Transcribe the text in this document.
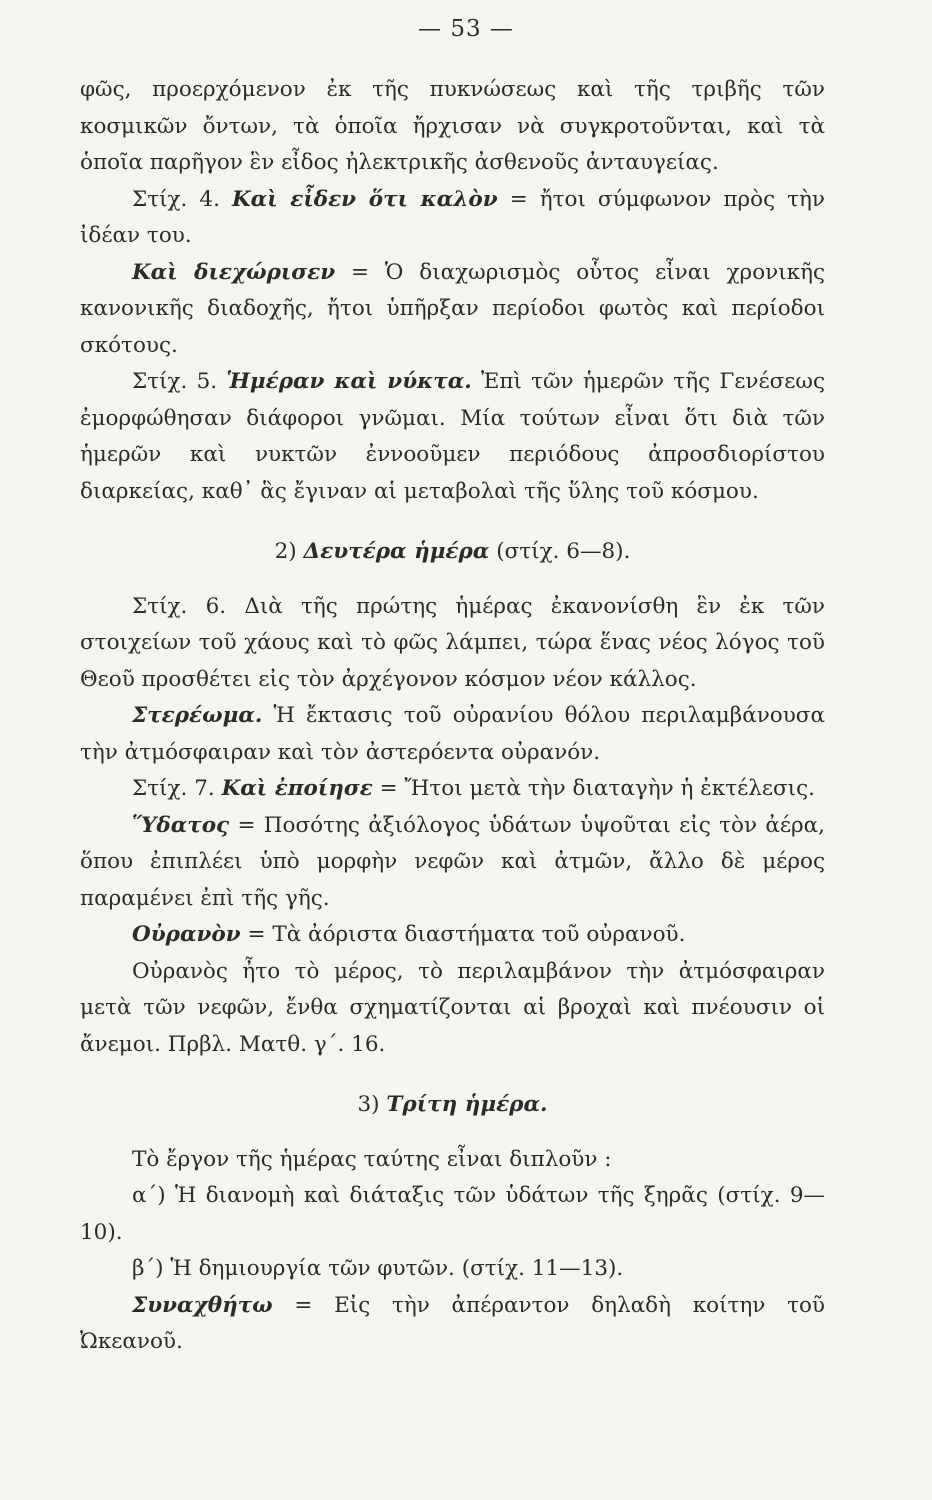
— 53 —

φῶς, προερχόμενον ἐκ τῆς πυκνώσεως καὶ τῆς τριβῆς τῶν κοσμικῶν ὄντων, τὰ ὁποῖα ἤρχισαν νὰ συγκροτοῦνται, καὶ τὰ ὁποῖα παρῆγον ἓν εἶδος ἠλεκτρικῆς ἀσθενοῦς ἀνταυγείας.

Στίχ. 4. Καὶ εἶδεν ὅτι καλὸν = ἤτοι σύμφωνον πρὸς τὴν ἰδέαν του.

Καὶ διεχώρισεν = Ὁ διαχωρισμὸς οὗτος εἶναι χρονικῆς κανονικῆς διαδοχῆς, ἤτοι ὑπῆρξαν περίοδοι φωτὸς καὶ περίοδοι σκότους.

Στίχ. 5. Ἡμέραν καὶ νύκτα. Ἐπὶ τῶν ἡμερῶν τῆς Γενέσεως ἐμορφώθησαν διάφοροι γνῶμαι. Μία τούτων εἶναι ὅτι διὰ τῶν ἡμερῶν καὶ νυκτῶν ἐννοοῦμεν περιόδους ἀπροσδιορίστου διαρκείας, καθ᾽ ἃς ἔγιναν αἱ μεταβολαὶ τῆς ὕλης τοῦ κόσμου.

2) Δευτέρα ἡμέρα (στίχ. 6—8).

Στίχ. 6. Διὰ τῆς πρώτης ἡμέρας ἐκανονίσθη ἓν ἐκ τῶν στοιχείων τοῦ χάους καὶ τὸ φῶς λάμπει, τώρα ἕνας νέος λόγος τοῦ Θεοῦ προσθέτει εἰς τὸν ἀρχέγονον κόσμον νέον κάλλος.

Στερέωμα. Ἡ ἔκτασις τοῦ οὐρανίου θόλου περιλαμβάνουσα τὴν ἀτμόσφαιραν καὶ τὸν ἀστερόεντα οὐρανόν.

Στίχ. 7. Καὶ ἐποίησε = Ἤτοι μετὰ τὴν διαταγὴν ἡ ἐκτέλεσις.

Ὕδατος = Ποσότης ἀξιόλογος ὑδάτων ὑψοῦται εἰς τὸν ἀέρα, ὅπου ἐπιπλέει ὑπὸ μορφὴν νεφῶν καὶ ἀτμῶν, ἄλλο δὲ μέρος παραμένει ἐπὶ τῆς γῆς.

Οὐρανὸν = Τὰ ἀόριστα διαστήματα τοῦ οὐρανοῦ.

Οὐρανὸς ἦτο τὸ μέρος, τὸ περιλαμβάνον τὴν ἀτμόσφαιραν μετὰ τῶν νεφῶν, ἔνθα σχηματίζονται αἱ βροχαὶ καὶ πνέουσιν οἱ ἄνεμοι. Πρβλ. Ματθ. γ΄. 16.

3) Τρίτη ἡμέρα.

Τὸ ἔργον τῆς ἡμέρας ταύτης εἶναι διπλοῦν :

α΄) Ἡ διανομὴ καὶ διάταξις τῶν ὑδάτων τῆς ξηρᾶς (στίχ. 9—10).

β΄) Ἡ δημιουργία τῶν φυτῶν. (στίχ. 11—13).

Συναχθήτω = Εἰς τὴν ἀπέραντον δηλαδὴ κοίτην τοῦ Ὠκεανοῦ.
